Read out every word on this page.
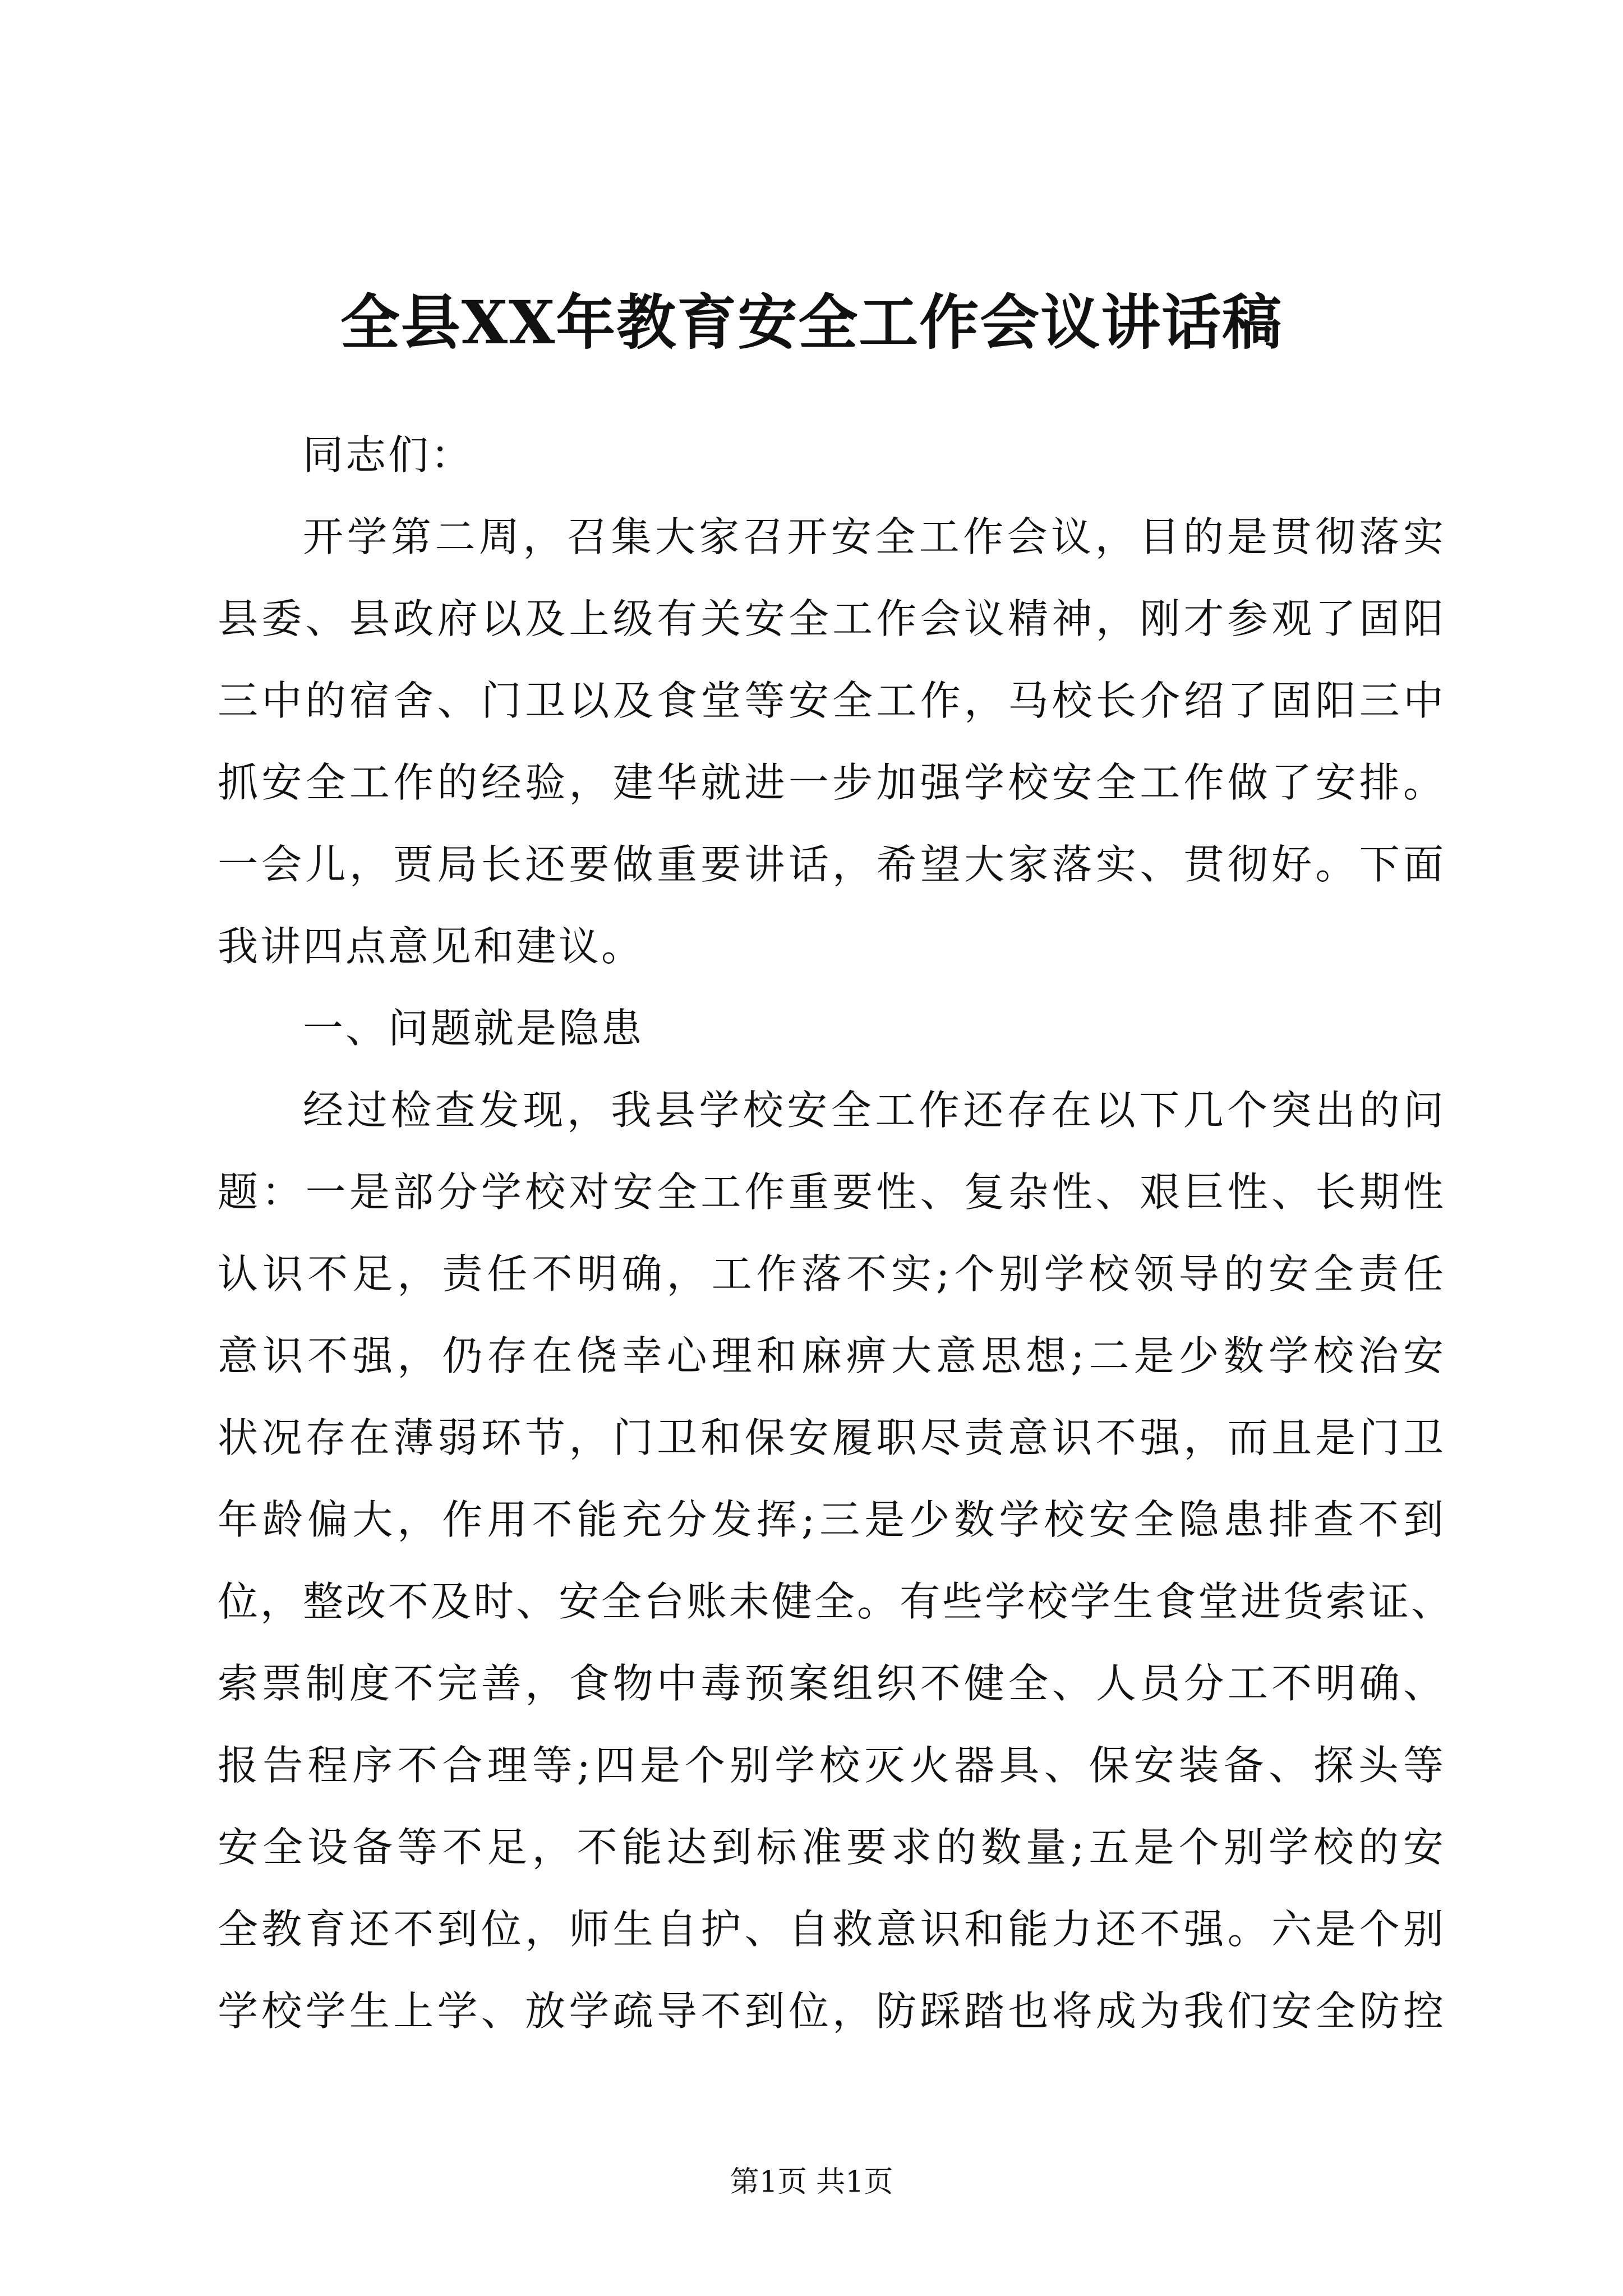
全县XX年教育安全工作会议讲话稿
同志们：
开学第二周，召集大家召开安全工作会议，目的是贯彻落实
县委、县政府以及上级有关安全工作会议精神，刚才参观了固阳
三中的宿舍、门卫以及食堂等安全工作，马校长介绍了固阳三中
抓安全工作的经验，建华就进一步加强学校安全工作做了安排。
一会儿，贾局长还要做重要讲话，希望大家落实、贯彻好。下面
我讲四点意见和建议。
一、问题就是隐患
经过检查发现，我县学校安全工作还存在以下几个突出的问
题：一是部分学校对安全工作重要性、复杂性、艰巨性、长期性
认识不足，责任不明确，工作落不实;个别学校领导的安全责任
意识不强，仍存在侥幸心理和麻痹大意思想;二是少数学校治安
状况存在薄弱环节，门卫和保安履职尽责意识不强，而且是门卫
年龄偏大，作用不能充分发挥;三是少数学校安全隐患排查不到
位，整改不及时、安全台账未健全。有些学校学生食堂进货索证、
索票制度不完善，食物中毒预案组织不健全、人员分工不明确、
报告程序不合理等;四是个别学校灭火器具、保安装备、探头等
安全设备等不足，不能达到标准要求的数量;五是个别学校的安
全教育还不到位，师生自护、自救意识和能力还不强。六是个别
学校学生上学、放学疏导不到位，防踩踏也将成为我们安全防控
第1页 共1页
